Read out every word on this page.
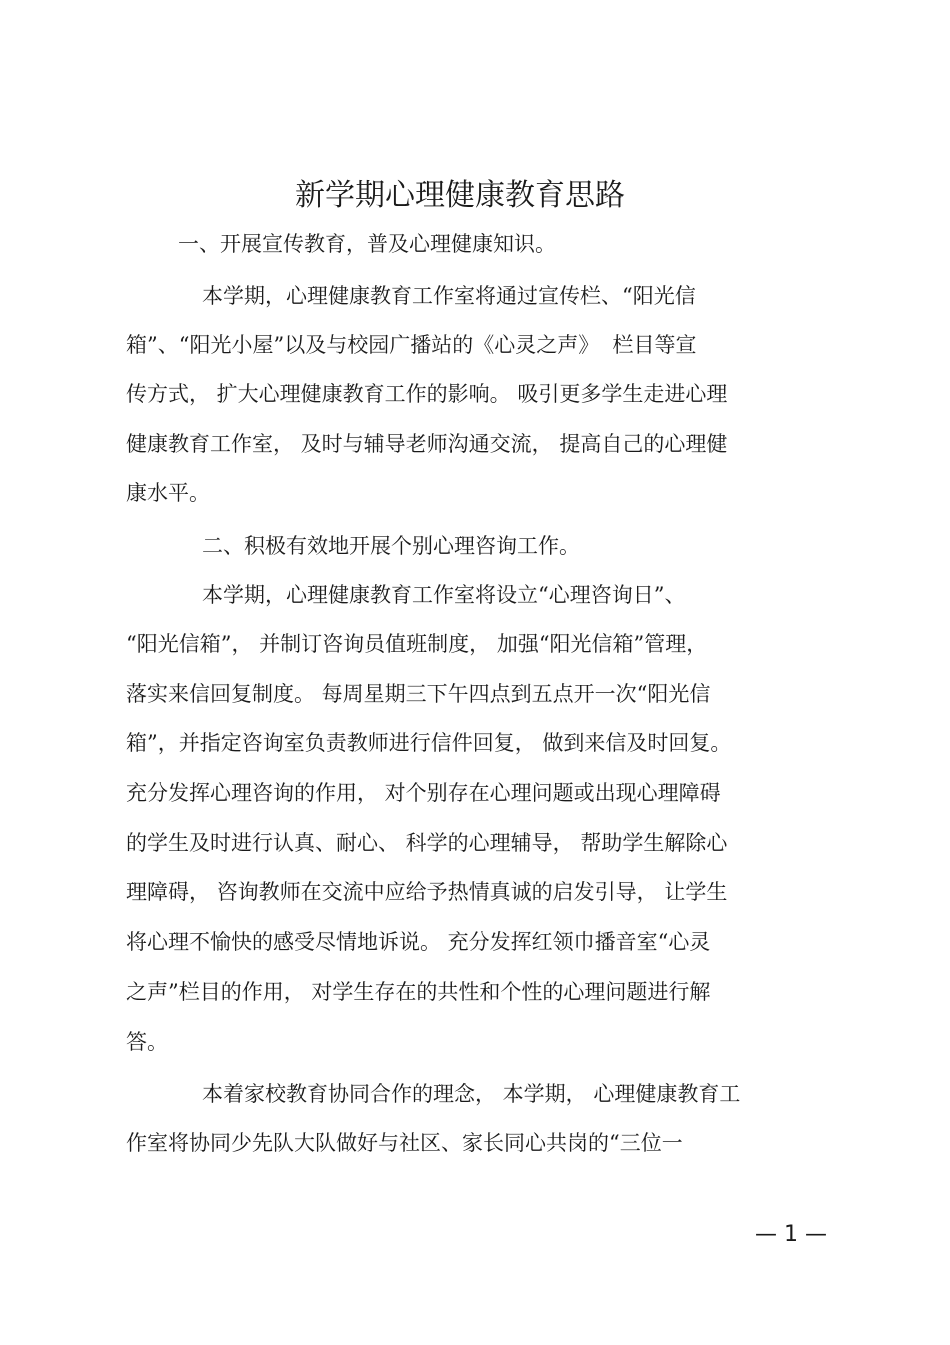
新学期心理健康教育思路
一、开展宣传教育，普及心理健康知识。
本学期，心理健康教育工作室将通过宣传栏、“阳光信
箱”、“阳光小屋”以及与校园广播站的《心灵之声》  栏目等宣
传方式， 扩大心理健康教育工作的影响。 吸引更多学生走进心理
健康教育工作室， 及时与辅导老师沟通交流， 提高自己的心理健
康水平。
二、积极有效地开展个别心理咨询工作。
本学期，心理健康教育工作室将设立“心理咨询日”、
“阳光信箱”， 并制订咨询员值班制度， 加强“阳光信箱”管理，
落实来信回复制度。 每周星期三下午四点到五点开一次“阳光信
箱”，并指定咨询室负责教师进行信件回复， 做到来信及时回复。
充分发挥心理咨询的作用， 对个别存在心理问题或出现心理障碍
的学生及时进行认真、耐心、 科学的心理辅导， 帮助学生解除心
理障碍， 咨询教师在交流中应给予热情真诚的启发引导， 让学生
将心理不愉快的感受尽情地诉说。 充分发挥红领巾播音室“心灵
之声”栏目的作用， 对学生存在的共性和个性的心理问题进行解
答。
本着家校教育协同合作的理念， 本学期， 心理健康教育工
作室将协同少先队大队做好与社区、家长同心共岗的“三位一
— 1 —
